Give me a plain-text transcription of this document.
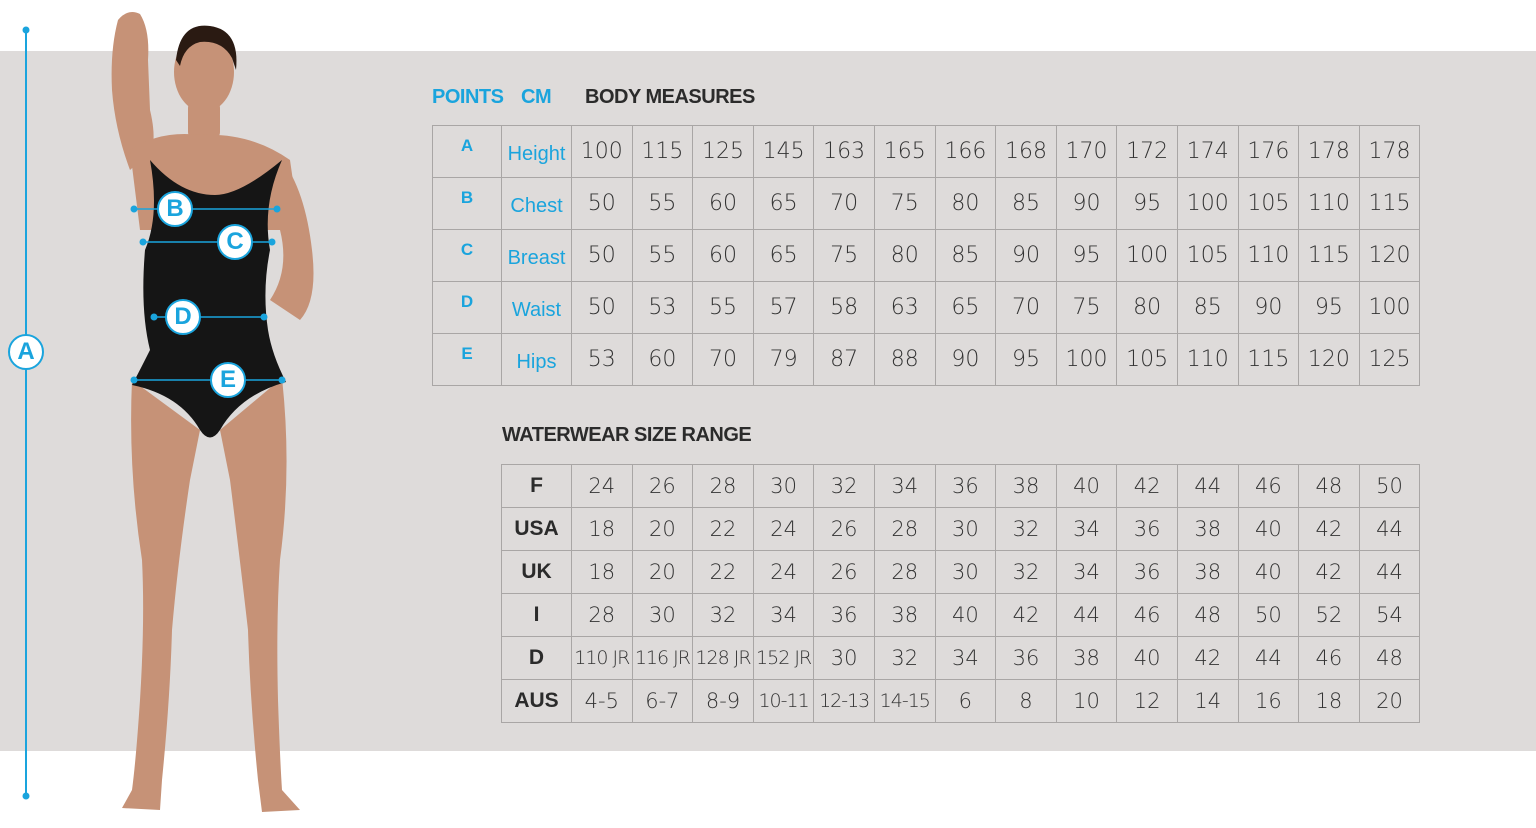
A
B
C
D
E
POINTS CM BODY MEASURES
A	Height	100	115	125	145	163	165	166	168	170	172	174	176	178	178
B	Chest	50	55	60	65	70	75	80	85	90	95	100	105	110	115
C	Breast	50	55	60	65	75	80	85	90	95	100	105	110	115	120
D	Waist	50	53	55	57	58	63	65	70	75	80	85	90	95	100
E	Hips	53	60	70	79	87	88	90	95	100	105	110	115	120	125
WATERWEAR SIZE RANGE
F	24	26	28	30	32	34	36	38	40	42	44	46	48	50
USA	18	20	22	24	26	28	30	32	34	36	38	40	42	44
UK	18	20	22	24	26	28	30	32	34	36	38	40	42	44
I	28	30	32	34	36	38	40	42	44	46	48	50	52	54
D	110 JR	116 JR	128 JR	152 JR	30	32	34	36	38	40	42	44	46	48
AUS	4-5	6-7	8-9	10-11	12-13	14-15	6	8	10	12	14	16	18	20
